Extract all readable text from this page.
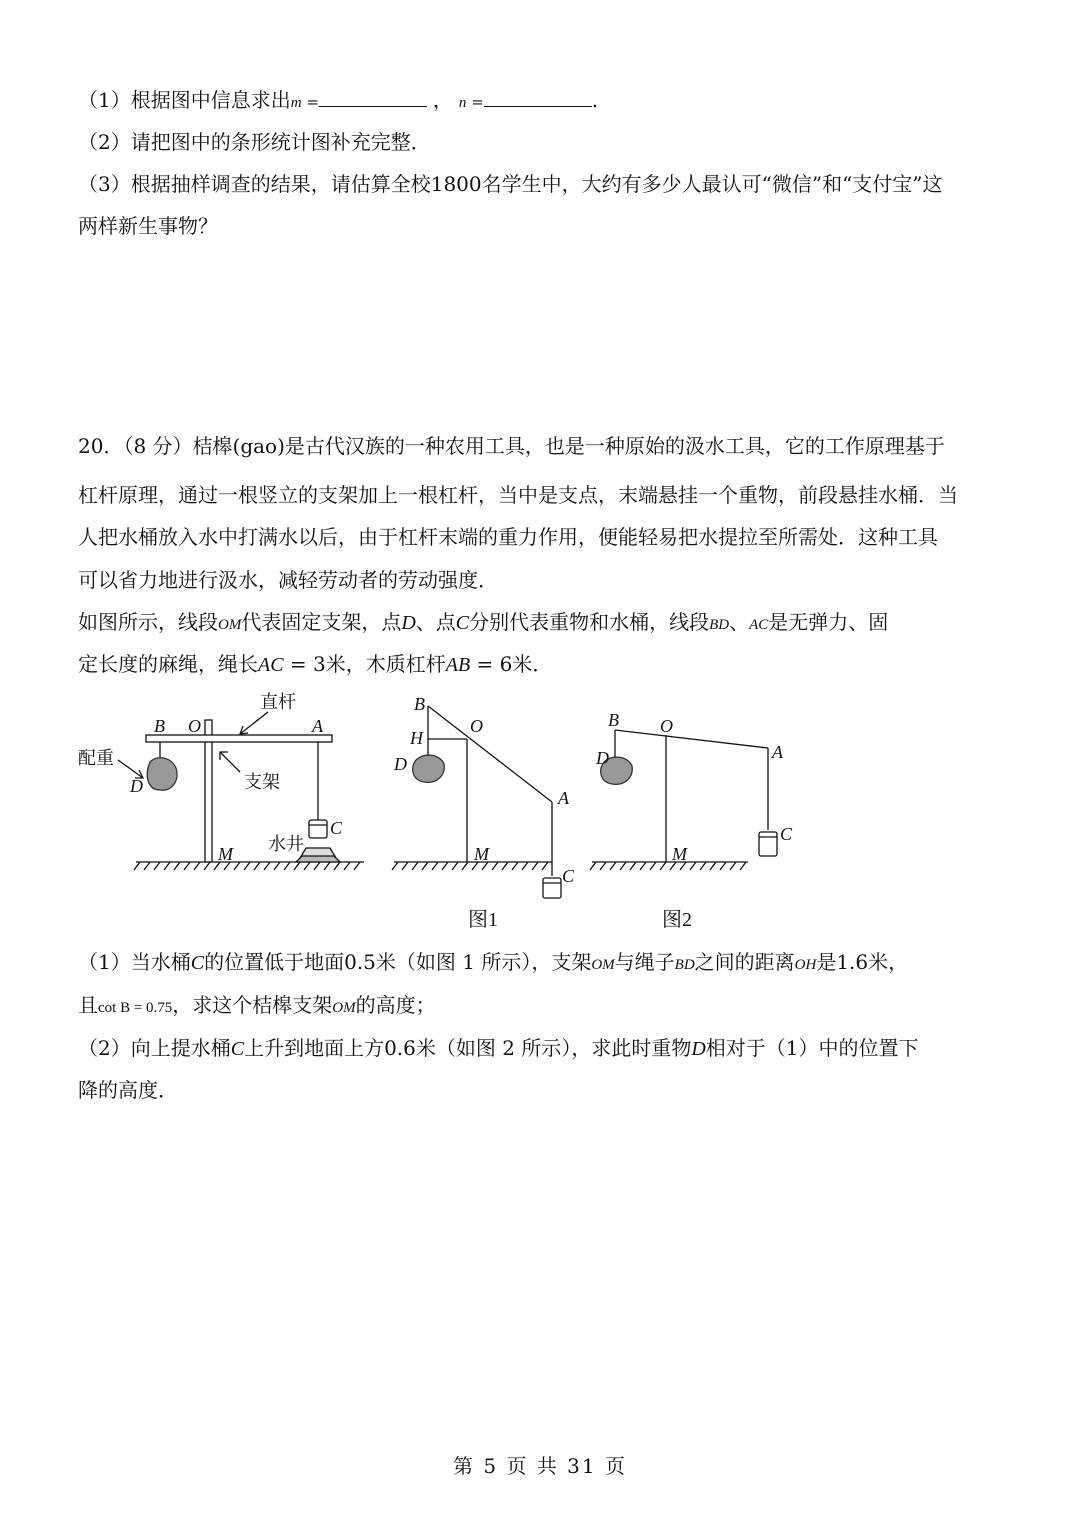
（1）根据图中信息求出m =	， n =	.
（2）请把图中的条形统计图补充完整．
（3）根据抽样调查的结果，请估算全校1800名学生中，大约有多少人最认可“微信”和“支付宝”这
两样新生事物？
20．（8 分）桔槔(gao)是古代汉族的一种农用工具，也是一种原始的汲水工具，它的工作原理基于
杠杆原理，通过一根竖立的支架加上一根杠杆，当中是支点，末端悬挂一个重物，前段悬挂水桶．当
人把水桶放入水中打满水以后，由于杠杆末端的重力作用，便能轻易把水提拉至所需处．这种工具
可以省力地进行汲水，减轻劳动者的劳动强度．
如图所示，线段OM代表固定支架，点D、点C分别代表重物和水桶，线段BD、AC是无弹力、固
定长度的麻绳，绳长AC = 3米，木质杠杆AB = 6米．
直杆
B O	A
配重
D	支架
C
水井
M
B
O
H
D
A
M
C
B O
D	A
C
M
图1	图2
（1）当水桶C的位置低于地面0.5米（如图 1 所示），支架OM与绳子BD之间的距离OH是1.6米，
且cot B = 0.75，求这个桔槔支架OM的高度；
（2）向上提水桶C上升到地面上方0.6米（如图 2 所示），求此时重物D相对于（1）中的位置下
降的高度．
第 5 页 共 31 页
